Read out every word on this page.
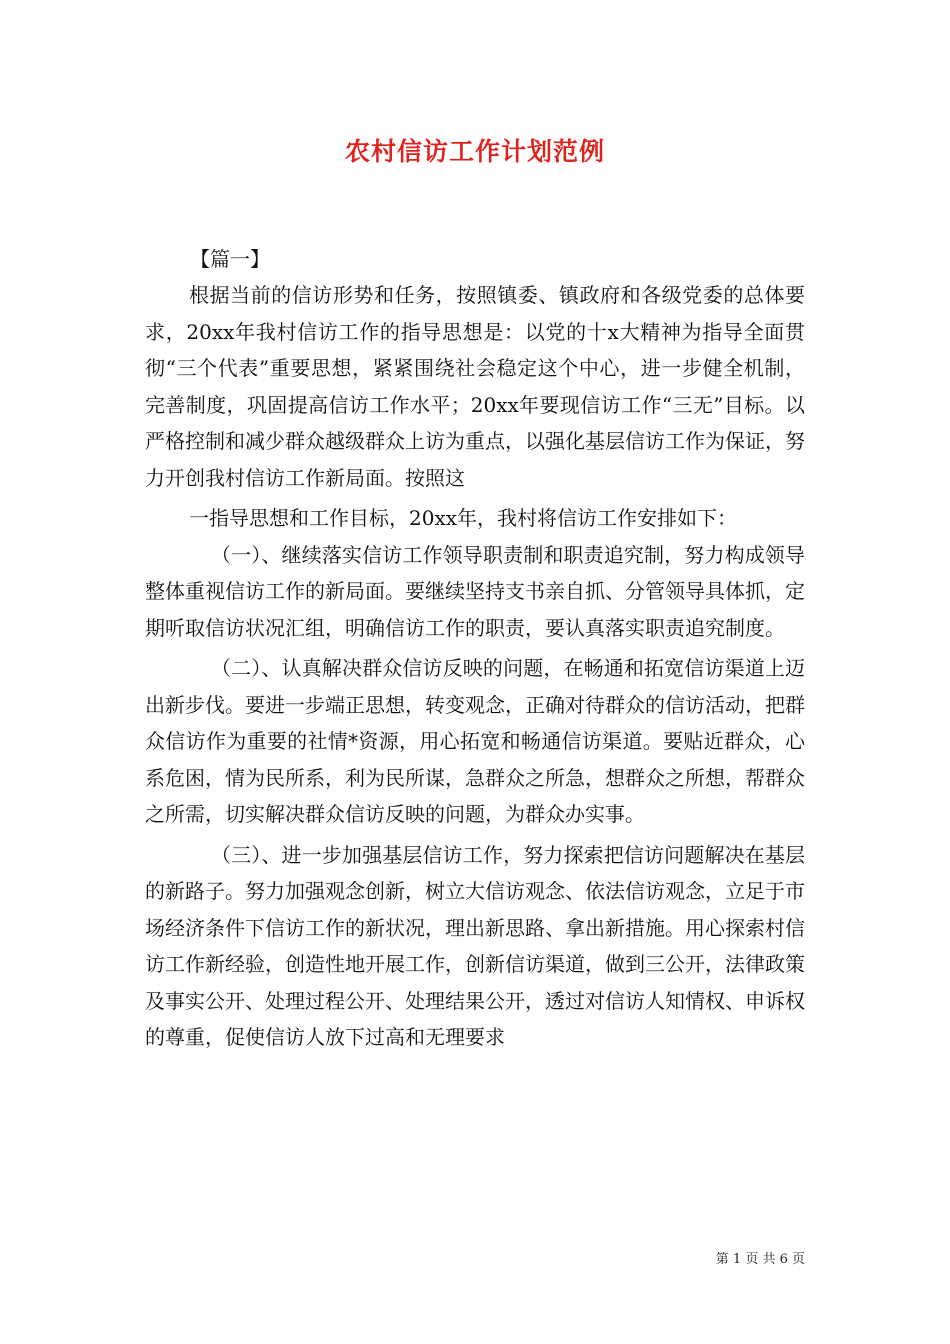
农村信访工作计划范例
【篇一】

根据当前的信访形势和任务，按照镇委、镇政府和各级党委的总体要求，20xx年我村信访工作的指导思想是：以党的十x大精神为指导全面贯彻“三个代表”重要思想，紧紧围绕社会稳定这个中心，进一步健全机制，完善制度，巩固提高信访工作水平；20xx年要现信访工作“三无”目标。以严格控制和减少群众越级群众上访为重点，以强化基层信访工作为保证，努力开创我村信访工作新局面。按照这

一指导思想和工作目标，20xx年，我村将信访工作安排如下：

（一）、继续落实信访工作领导职责制和职责追究制，努力构成领导整体重视信访工作的新局面。要继续坚持支书亲自抓、分管领导具体抓，定期听取信访状况汇组，明确信访工作的职责，要认真落实职责追究制度。

（二）、认真解决群众信访反映的问题，在畅通和拓宽信访渠道上迈出新步伐。要进一步端正思想，转变观念，正确对待群众的信访活动，把群众信访作为重要的社情*资源，用心拓宽和畅通信访渠道。要贴近群众，心系危困，情为民所系，利为民所谋，急群众之所急，想群众之所想，帮群众之所需，切实解决群众信访反映的问题，为群众办实事。

（三）、进一步加强基层信访工作，努力探索把信访问题解决在基层的新路子。努力加强观念创新，树立大信访观念、依法信访观念，立足于市场经济条件下信访工作的新状况，理出新思路、拿出新措施。用心探索村信访工作新经验，创造性地开展工作，创新信访渠道，做到三公开，法律政策及事实公开、处理过程公开、处理结果公开，透过对信访人知情权、申诉权的尊重，促使信访人放下过高和无理要求

第 1 页 共 6 页
